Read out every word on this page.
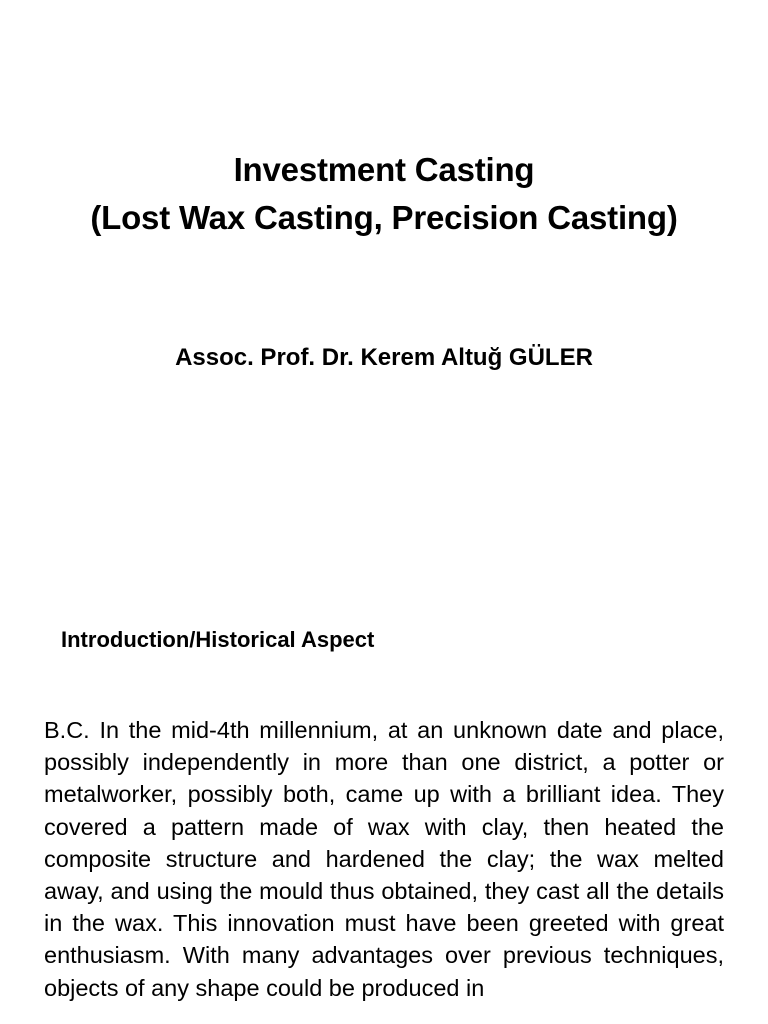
Investment Casting
(Lost Wax Casting, Precision Casting)
Assoc. Prof. Dr. Kerem Altuğ GÜLER
Introduction/Historical Aspect

B.C. In the mid-4th millennium, at an unknown date and place, possibly independently in more than one district, a potter or metalworker, possibly both, came up with a brilliant idea. They covered a pattern made of wax with clay, then heated the composite structure and hardened the clay; the wax melted away, and using the mould thus obtained, they cast all the details in the wax. This innovation must have been greeted with great enthusiasm. With many advantages over previous techniques, objects of any shape could be produced in
